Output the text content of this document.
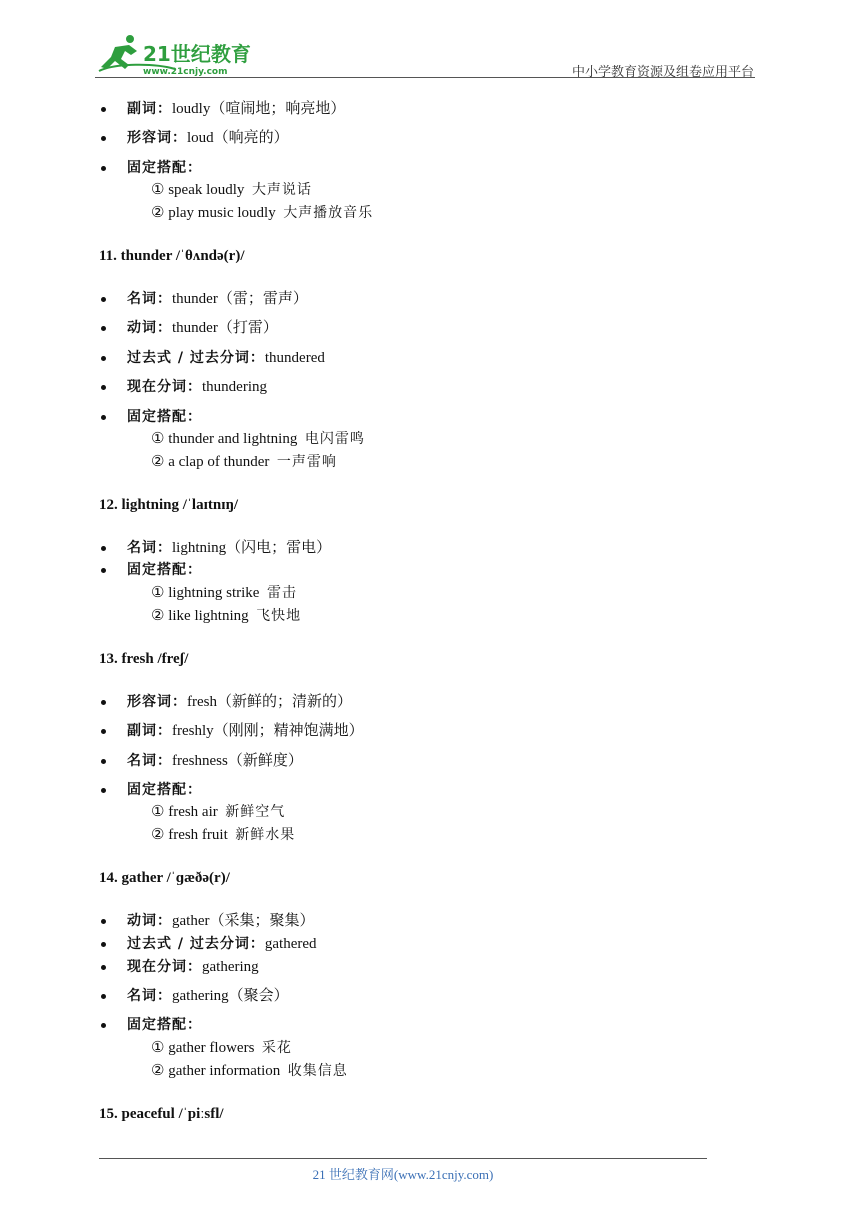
21世纪教育
www.21cnjy.com	中小学教育资源及组卷应用平台
副词：loudly（喧闹地；响亮地）
形容词：loud（响亮的）
固定搭配：
① speak loudly 大声说话
② play music loudly 大声播放音乐
11. thunder /ˈθʌndə(r)/
名词：thunder（雷；雷声）
动词：thunder（打雷）
过去式 / 过去分词：thundered
现在分词：thundering
固定搭配：
① thunder and lightning 电闪雷鸣
② a clap of thunder 一声雷响
12. lightning /ˈlaɪtnɪŋ/
名词：lightning（闪电；雷电）
固定搭配：
① lightning strike 雷击
② like lightning 飞快地
13. fresh /freʃ/
形容词：fresh（新鲜的；清新的）
副词：freshly（刚刚；精神饱满地）
名词：freshness（新鲜度）
固定搭配：
① fresh air 新鲜空气
② fresh fruit 新鲜水果
14. gather /ˈɡæðə(r)/
动词：gather（采集；聚集）
过去式 / 过去分词：gathered
现在分词：gathering
名词：gathering（聚会）
固定搭配：
① gather flowers 采花
② gather information 收集信息
15. peaceful /ˈpiːsfl/
21 世纪教育网(www.21cnjy.com)
